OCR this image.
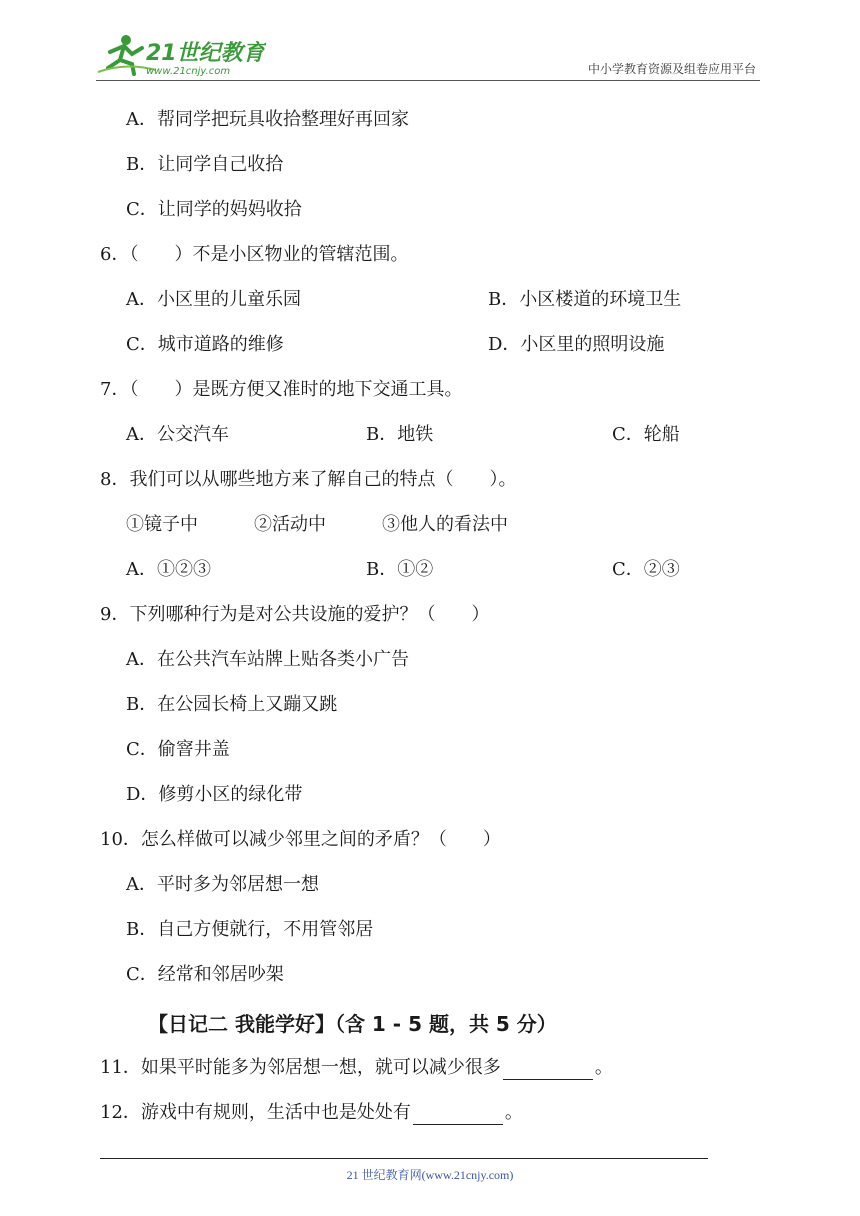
21世纪教育
www.21cnjy.com	中小学教育资源及组卷应用平台
A．帮同学把玩具收拾整理好再回家
B．让同学自己收拾
C．让同学的妈妈收拾
6．（　　）不是小区物业的管辖范围。
A．小区里的儿童乐园	B．小区楼道的环境卫生
C．城市道路的维修	D．小区里的照明设施
7．（　　）是既方便又准时的地下交通工具。
A．公交汽车	B．地铁	C．轮船
8．我们可以从哪些地方来了解自己的特点（　　）。
①镜子中	②活动中	③他人的看法中
A．①②③	B．①②	C．②③
9．下列哪种行为是对公共设施的爱护？（　　）
A．在公共汽车站牌上贴各类小广告
B．在公园长椅上又蹦又跳
C．偷窨井盖
D．修剪小区的绿化带
10．怎么样做可以减少邻里之间的矛盾？（　　）
A．平时多为邻居想一想
B．自己方便就行，不用管邻居
C．经常和邻居吵架
【日记二 我能学好】（含 1 - 5 题，共 5 分）
11．如果平时能多为邻居想一想，就可以减少很多	。
12．游戏中有规则，生活中也是处处有	。
21 世纪教育网(www.21cnjy.com)
